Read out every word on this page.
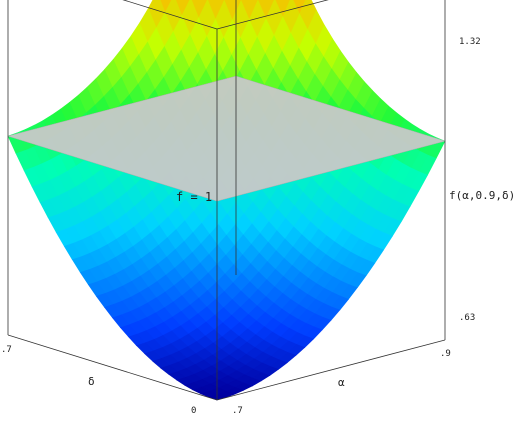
1.32
.63
f(α,0.9,δ)
f = 1
.7
0
δ
.7
.9
α
